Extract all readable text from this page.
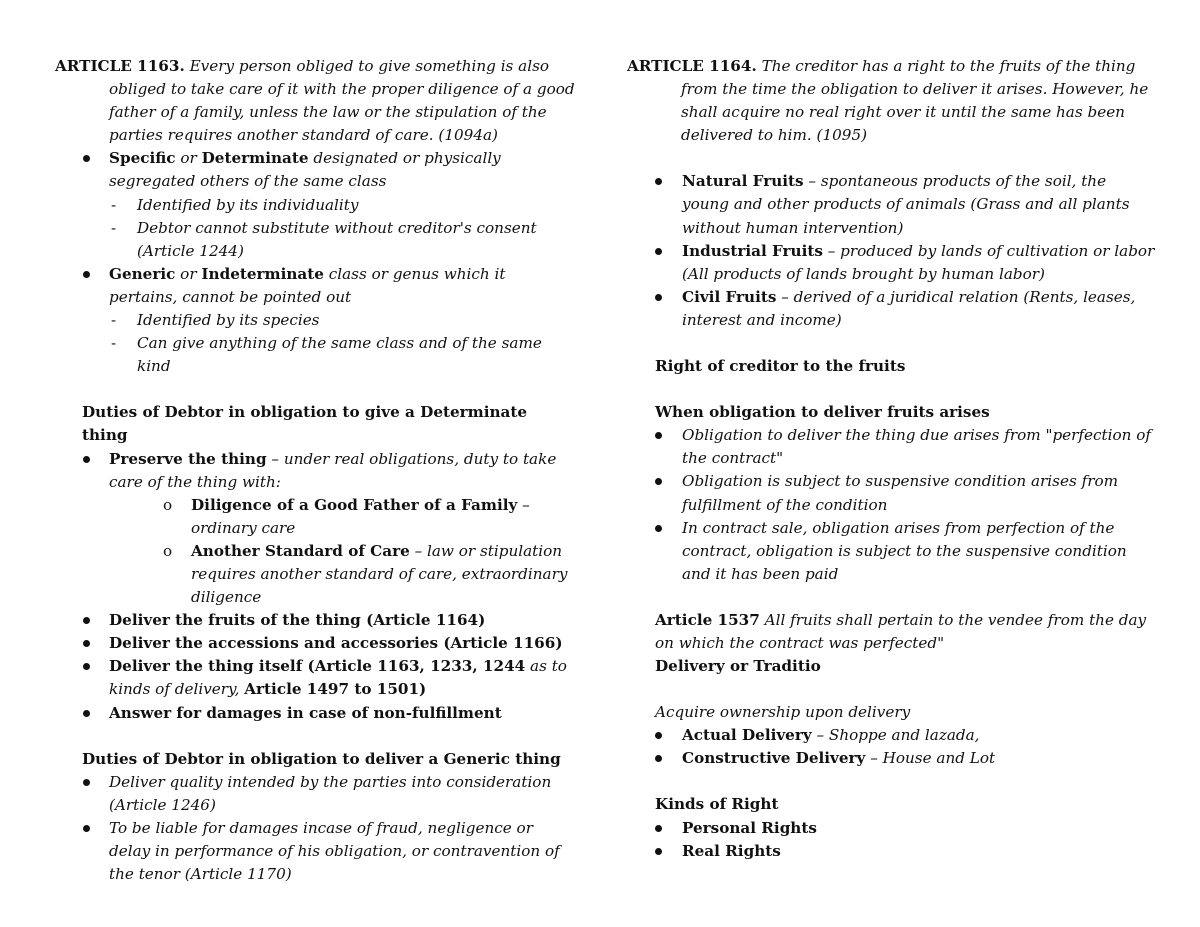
ARTICLE 1163. Every person obliged to give something is also obliged to take care of it with the proper diligence of a good father of a family, unless the law or the stipulation of the parties requires another standard of care. (1094a)

Specific or Determinate designated or physically segregated others of the same class
- Identified by its individuality
- Debtor cannot substitute without creditor's consent (Article 1244)
Generic or Indeterminate class or genus which it pertains, cannot be pointed out
- Identified by its species
- Can give anything of the same class and of the same kind

Duties of Debtor in obligation to give a Determinate thing

Preserve the thing – under real obligations, duty to take care of the thing with:
o Diligence of a Good Father of a Family – ordinary care
o Another Standard of Care – law or stipulation requires another standard of care, extraordinary diligence
Deliver the fruits of the thing (Article 1164)
Deliver the accessions and accessories (Article 1166)
Deliver the thing itself (Article 1163, 1233, 1244 as to kinds of delivery, Article 1497 to 1501)
Answer for damages in case of non-fulfillment

Duties of Debtor in obligation to deliver a Generic thing

Deliver quality intended by the parties into consideration (Article 1246)
To be liable for damages incase of fraud, negligence or delay in performance of his obligation, or contravention of the tenor (Article 1170)

ARTICLE 1164. The creditor has a right to the fruits of the thing from the time the obligation to deliver it arises. However, he shall acquire no real right over it until the same has been delivered to him. (1095)

Natural Fruits – spontaneous products of the soil, the young and other products of animals (Grass and all plants without human intervention)
Industrial Fruits – produced by lands of cultivation or labor (All products of lands brought by human labor)
Civil Fruits – derived of a juridical relation (Rents, leases, interest and income)

Right of creditor to the fruits

When obligation to deliver fruits arises

Obligation to deliver the thing due arises from "perfection of the contract"
Obligation is subject to suspensive condition arises from fulfillment of the condition
In contract sale, obligation arises from perfection of the contract, obligation is subject to the suspensive condition and it has been paid

Article 1537 All fruits shall pertain to the vendee from the day on which the contract was perfected"

Delivery or Traditio

Acquire ownership upon delivery

Actual Delivery – Shoppe and lazada,
Constructive Delivery – House and Lot

Kinds of Right

Personal Rights
Real Rights
